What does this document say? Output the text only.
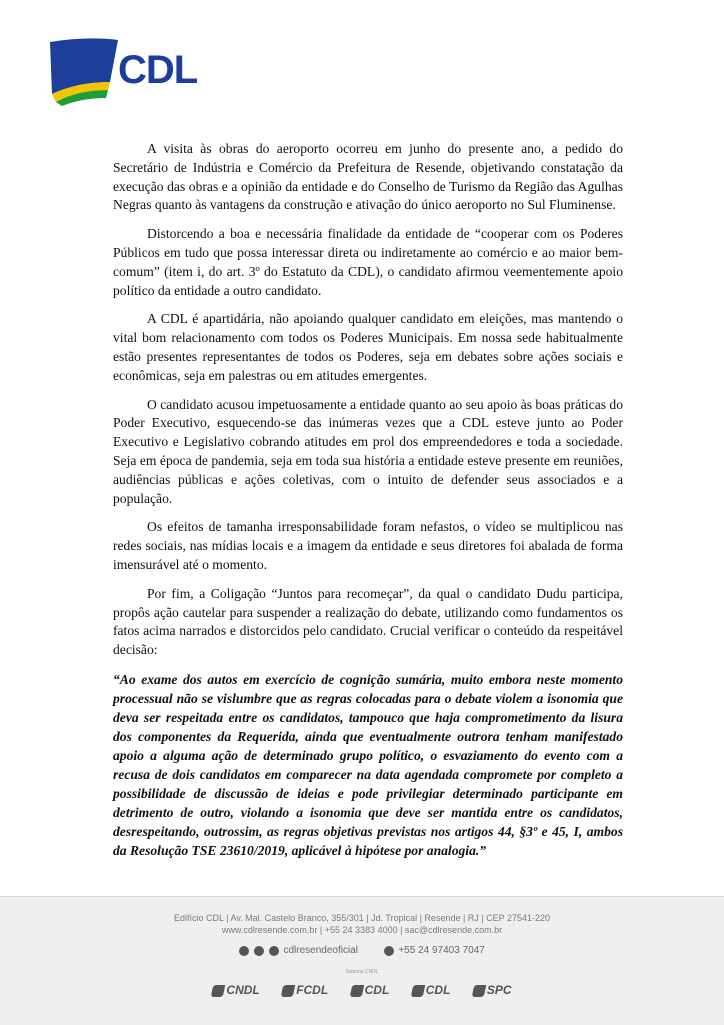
CDL

A visita às obras do aeroporto ocorreu em junho do presente ano, a pedido do Secretário de Indústria e Comércio da Prefeitura de Resende, objetivando constatação da execução das obras e a opinião da entidade e do Conselho de Turismo da Região das Agulhas Negras quanto às vantagens da construção e ativação do único aeroporto no Sul Fluminense.

Distorcendo a boa e necessária finalidade da entidade de “cooperar com os Poderes Públicos em tudo que possa interessar direta ou indiretamente ao comércio e ao maior bem-comum” (item i, do art. 3º do Estatuto da CDL), o candidato afirmou veementemente apoio político da entidade a outro candidato.

A CDL é apartidária, não apoiando qualquer candidato em eleições, mas mantendo o vital bom relacionamento com todos os Poderes Municipais. Em nossa sede habitualmente estão presentes representantes de todos os Poderes, seja em debates sobre ações sociais e econômicas, seja em palestras ou em atitudes emergentes.

O candidato acusou impetuosamente a entidade quanto ao seu apoio às boas práticas do Poder Executivo, esquecendo-se das inúmeras vezes que a CDL esteve junto ao Poder Executivo e Legislativo cobrando atitudes em prol dos empreendedores e toda a sociedade. Seja em época de pandemia, seja em toda sua história a entidade esteve presente em reuniões, audiências públicas e ações coletivas, com o intuito de defender seus associados e a população.

Os efeitos de tamanha irresponsabilidade foram nefastos, o vídeo se multiplicou nas redes sociais, nas mídias locais e a imagem da entidade e seus diretores foi abalada de forma imensurável até o momento.

Por fim, a Coligação “Juntos para recomeçar”, da qual o candidato Dudu participa, propôs ação cautelar para suspender a realização do debate, utilizando como fundamentos os fatos acima narrados e distorcidos pelo candidato. Crucial verificar o conteúdo da respeitável decisão:

“Ao exame dos autos em exercício de cognição sumária, muito embora neste momento processual não se vislumbre que as regras colocadas para o debate violem a isonomia que deva ser respeitada entre os candidatos, tampouco que haja comprometimento da lisura dos componentes da Requerida, ainda que eventualmente outrora tenham manifestado apoio a alguma ação de determinado grupo político, o esvaziamento do evento com a recusa de dois candidatos em comparecer na data agendada compromete por completo a possibilidade de discussão de ideias e pode privilegiar determinado participante em detrimento de outro, violando a isonomia que deve ser mantida entre os candidatos, desrespeitando, outrossim, as regras objetivas previstas nos artigos 44, §3º e 45, I, ambos da Resolução TSE 23610/2019, aplicável à hipótese por analogia.”

Edifício CDL | Av. Mal. Castelo Branco, 355/301 | Jd. Tropical | Resende | RJ | CEP 27541-220
www.cdlresende.com.br | +55 24 3383 4000 | sac@cdlresende.com.br
cdlresendeoficial	+55 24 97403 7047
Sistema CNDL
CNDL	FCDL	CDL	CDL	SPC
